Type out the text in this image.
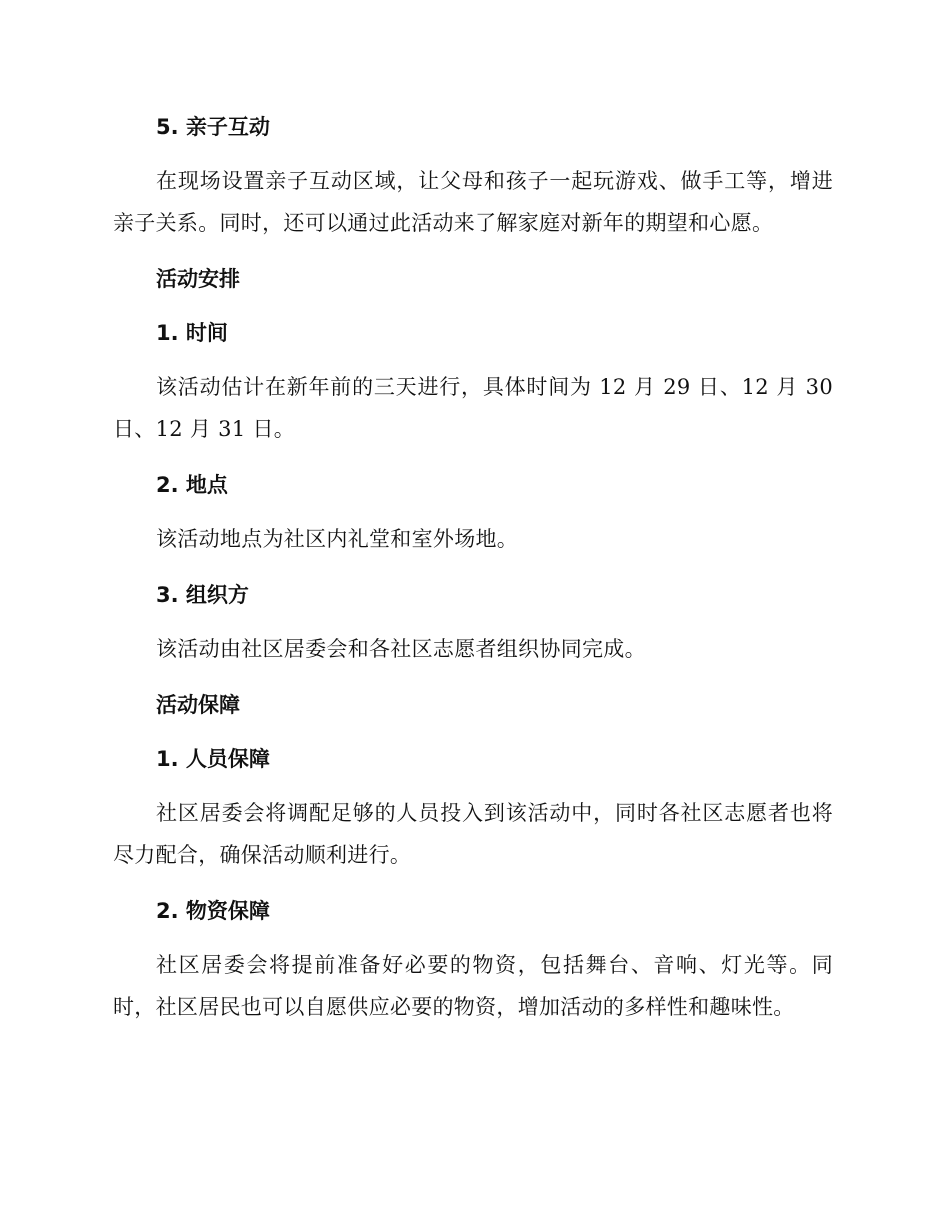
5. 亲子互动

在现场设置亲子互动区域，让父母和孩子一起玩游戏、做手工等，增进亲子关系。同时，还可以通过此活动来了解家庭对新年的期望和心愿。

活动安排
1. 时间

该活动估计在新年前的三天进行，具体时间为 12 月 29 日、12 月 30 日、12 月 31 日。

2. 地点

该活动地点为社区内礼堂和室外场地。

3. 组织方

该活动由社区居委会和各社区志愿者组织协同完成。

活动保障
1. 人员保障

社区居委会将调配足够的人员投入到该活动中，同时各社区志愿者也将尽力配合，确保活动顺利进行。

2. 物资保障

社区居委会将提前准备好必要的物资，包括舞台、音响、灯光等。同时，社区居民也可以自愿供应必要的物资，增加活动的多样性和趣味性。
